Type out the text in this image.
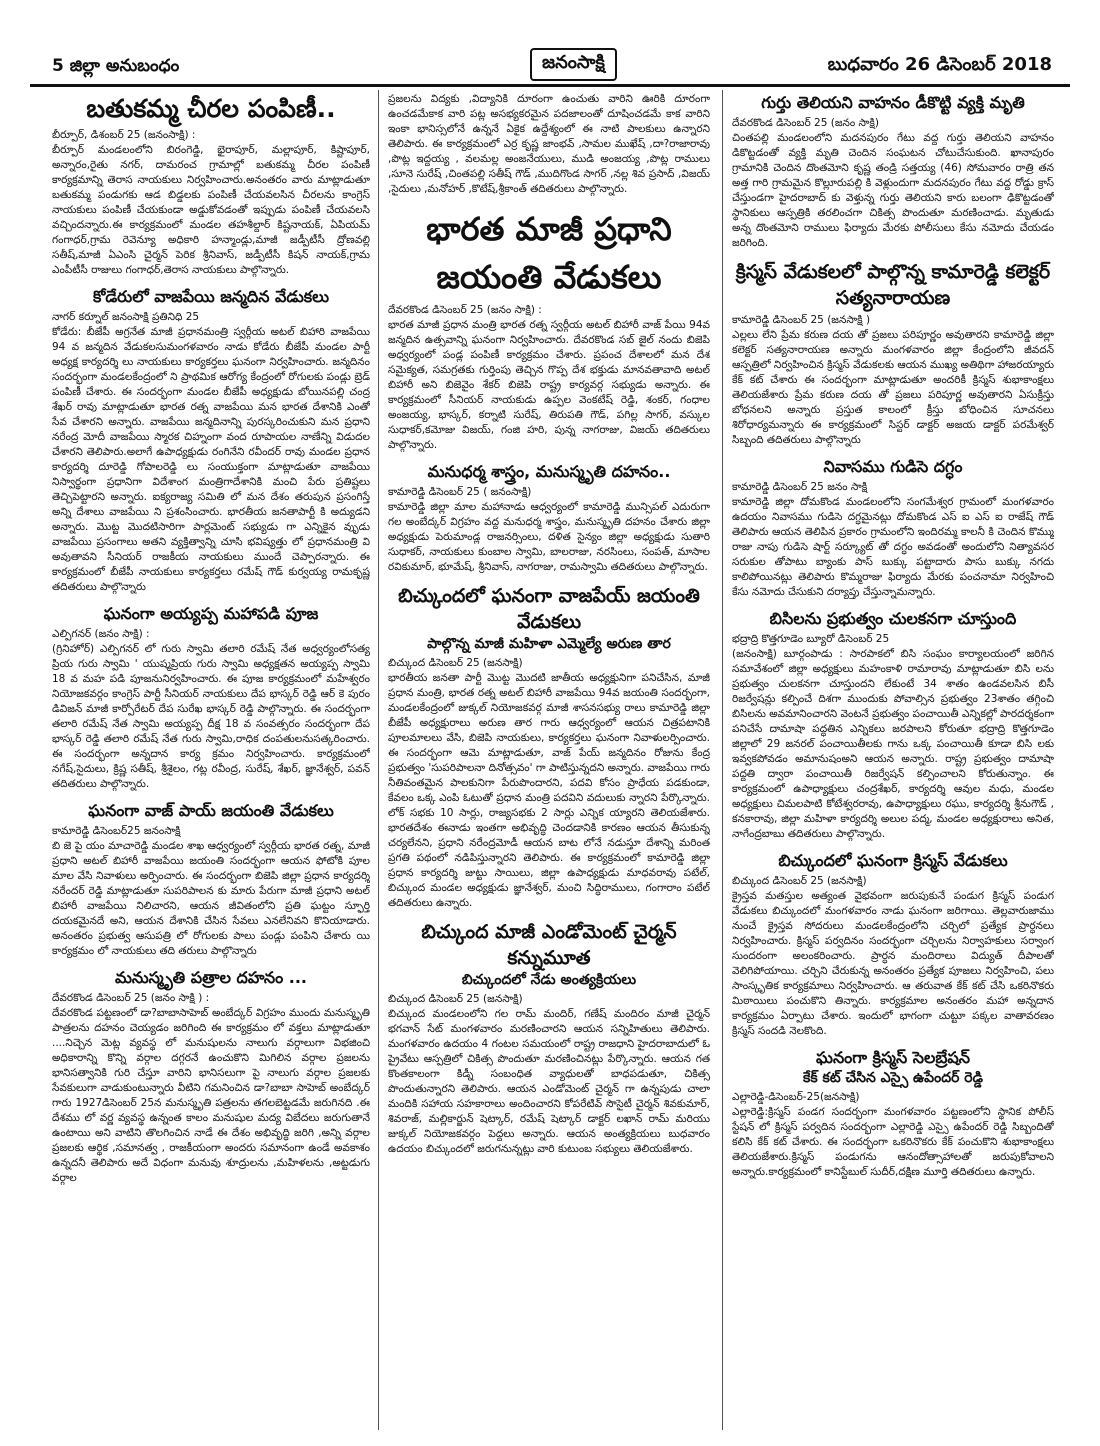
5 జిల్లా అనుబంధం	జనంసాక్షి	బుధవారం 26 డిసెంబర్ 2018
బతుకమ్మ చీరల పంపిణీ..
బీర్పూర్, డిశంబర్ 25 (జనంసాక్షి) :

బీర్పూర్ మండలంలోని బిరంగెడ్డి, భైరాపూర్, మల్లాపూర్, కిష్టాపూర్, అన్నారం,రైతు నగర్, దామరంచ గ్రామాల్లో బతుకమ్మ చీరల పంపిణీ కార్యక్రమాన్ని తెరాస నాయకులు నిర్వహించారు.అనంతరం వారు మాట్లాడుతూ బతుకమ్మ పండుగకు ఆడ బిడ్డలకు పంపిణీ చేయవలసిన చీరలను కాంగ్రెస్ నాయకులు పంపిణీ చేయకుండా అడ్డుకోవడంతో ఇప్పుడు పంపిణీ చేయవలసి వచ్చిందన్నారు.ఈ కార్యక్రమంలో మండల తహశీల్దార్ కిష్టనాయక్, ఏపియమ్ గంగాధర్,గ్రామ రెవెన్యూ అధికారి హన్మాండ్లు,మాజీ జడ్పీటీసీ ద్రోణవల్లి సతీష్,మాజీ ఏఎంసి చైర్మన్ పెరిక శ్రీనివాస్, జడ్పీటీసీ కిషన్ నాయక్,గ్రామ ఎంపీటీసీ రాజులు గంగాధర్,తెరాస నాయకులు పాల్గొన్నారు.

కోడేరులో వాజపేయి జన్మదిన వేడుకలు
నాగర్ కర్నూల్ జనంసాక్షి ప్రతినిధి 25

కోడేరు: బీజేపీ అగ్రనేత మాజీ ప్రధానమంత్రి స్వర్గీయ అటల్ బిహారి వాజపేయి 94 వ జన్మదిన వేడుకలసుమంగళవారం నాడు కోడేరు బీజేపీ మండల పార్టీ అధ్యక్ష కార్యదర్శి లు నాయకులు కార్యకర్తలు ఘనంగా నిర్వహించారు. జన్మదినం సందర్భంగా మండలకేంద్రంలో ని ప్రాథమిక ఆరోగ్య కేంద్రంలో రోగులకు పండ్లు బ్రెడ్ పంపిణీ చేశారు. ఈ సందర్భంగా మండల బీజేపీ అధ్యక్షుడు బోయినపల్లి చంద్ర శేఖర్ రావు మాట్లాడుతూ భారత రత్న వాజపేయి మన భారత దేశానికి ఎంతో సేవ చేశారని అన్నారు. వాజపేయి జన్మదినాన్ని పురస్కరించుకుని మన ప్రధాని నరేంద్ర మోదీ వాజపేయి స్మారక చిహ్నంగా వంద రూపాయల నాణేన్ని విడుదల చేశారని తెలిపారు.అలాగే ఉపాధ్యక్షుడు రంగినేని రవీందర్ రావు మండల ప్రధాన కార్యదర్శి దూరెడ్డి గోపాలరెడ్డి లు సంయుక్తంగా మాట్లాడుతూ వాజపేయి నిస్వార్థంగా ప్రధానిగా విదేశాంగ మంత్రిగాదేశానికి మంచి పేరు ప్రతిష్టలు తెచ్చిపెట్టారని అన్నారు. ఐక్యరాజ్య సమితి లో మన దేశం తరుపున ప్రసంగిస్తే అన్ని దేశాలు వాజపేయి ని ప్రశంసించారు. భారతీయ జనతాపార్టీ కి అద్యుడని అన్నారు. మొట్ట మొదటిసారిగా పార్లమెంట్ సభ్యుడు గా ఎన్నికైన వృుడు వాజపేయి ప్రసంగాలు అతని వ్యక్తిత్వాన్ని చూసి భవిష్యత్తు లో ప్రధానమంత్రి వి అవుతావని సీనియర్ రాజకీయ నాయకులు ముందే చెప్పారన్నారు. ఈ కార్యక్రమంలో బీజేపీ నాయకులు కార్యకర్తలు రమేష్ గౌడ్ కుర్వయ్య రామకృష్ణ తదితరులు పాల్గొన్నారు

ఘనంగా అయ్యప్ప మహాపడి పూజ
ఎల్పిగనర్ (జనం సాక్షి) :

(గ్రినిహోర్) ఎల్పిగనర్ లో గురు స్వామి తలారి రమేష్ నేత అధ్వర్యంలోసత్య ప్రియ గురు స్వామి ' యుష్మప్రియ గురు స్వామి అధ్యక్షతన అయ్యప్ప స్వామి 18 వ మహ పడి పూజనునిర్వహించారు. ఈ పూజ కార్యక్రమంలో మహేశ్వరం నియోజకవర్గం కాంగ్రెస్ పార్టీ సీనియర్ నాయకులు దేప భాస్కర్ రెడ్డి ఆర్ కె పురం డివిజన్ మాజీ కార్పోరేటర్ దేప సురేఖ భాస్కర్ రెడ్డి పాల్గొన్నారు. ఈ సందర్భంగా తలారి రమేష్ నేత స్వామి అయ్యప్ప దీక్ష 18 వ సంవత్సరం సందర్భంగా దేప భాస్కర్ రెడ్డి తలారి రమేష్ నేత గురు స్వామి,రాధిక దంపతులనుసత్కరించారు. ఈ సందర్భంగా అన్నదాన కార్య క్రమం నిర్వహించారు. కార్యక్రమంలో నగేష్,సైదులు, క్రిష్ణ సతీష్, శ్రీశైలం, గట్ల రవీంద్ర, సురేష్, శేఖర్, జ్ఞానేశ్వర్, పవన్ తదితరులు పాల్గొన్నారు.

ఘనంగా వాజ్ పాయ్ జయంతి వేడుకలు
కామారెడ్డి డిసెంబర్25 జనంసాక్షి

బి జె పై యం మాచారెడ్డి మండల శాఖ ఆధ్వర్యంలో స్వర్గీయ భారత రత్న, మాజీ ప్రధాని అటల్ బిహారీ వాజపేయి జయంతి సందర్భంగా ఆయన ఫోటోకి పూల మాల వేసి నివాళులు అర్పించారు. ఈ సందర్భంగా బిజెపి జిల్లా ప్రధాన కార్యదర్శి నరేందర్ రెడ్డి మాట్లాడుతూ సుపరిపాలన కు మారు పేరుగా మాజీ ప్రధాని అటల్ బిహారీ వాజపేయి నిలిచారని, ఆయన జీవితంలోని ప్రతి ఘట్టం స్ఫూర్తి దయకమైనదే అని, ఆయన దేశానికి చేసిన సేవలు ఎనలేనివని కొనియాడారు. అనంతరం ప్రభుత్వ ఆసుపత్రి లో రోగులకు పాలు పండ్లు పంపిని చేశారు యి కార్యక్రమం లో నాయకులు తది తరులు పాల్గొన్నారు

మనుస్మృతి పత్రాల దహనం ...
దేవరకొండ డిసెంబర్ 25 (జనం సాక్షి ) :

దేవరకొండ పట్టణంలో డా?బాబాసాహెబ్ అంబేద్కర్ విగ్రహం ముందు మనుస్మృతి పాత్రలను దహనం చెయ్యడం జరిగింది ఈ కార్యక్రమం లో వక్తలు మాట్లాడుతూ ....నిచ్చెన మెట్ల వ్యవస్థ లో మనుషులను నాలుగు వర్గాలుగా విభజించి అధికారాన్ని కొన్ని వర్గాల దగ్గరనే ఉంచుకొని మిగిలిన వర్గాల ప్రజలను భానిసత్వానికి గురి చేస్తూ వారిని భానిసలుగా పై నాలుగు వర్గాల ప్రజలకు సేవకులుగా వాడుకుంటున్నారు వీటిని గమనించిన డా?బాబా సాహెబ్ అంబేద్కర్ గారు 1927డిసెంబర్ 25న మనుస్మృతి పత్రలను తగలబెట్టడమే జరుగినది .ఈ దేశము లో వర్ణ వ్యవస్థ ఉన్నంత కాలం మనుషుల మద్య విబేదలు జరుగుతానే ఉంటాయి అని వాటిని తొలగించిన నాడే ఈ దేశం అభివృద్ధి జరిగి ,అన్ని వర్గాల ప్రజలకు ఆర్థిక ,సమానత్వ , రాజకీయంగా అందరు సమానంగా ఉండే అవకాశం ఉన్నదనీ తెలిపారు అదే విధంగా మనువు శూద్రులను ,మహిళలను ,అట్టడుగు వర్గాల

ప్రజలను విద్యకు ,విద్యానికి దూరంగా ఉంచుతు వారిని ఊరికి దూరంగా ఉంచడమేకాక వారి పట్ల అసభ్యకరమైన పదజాలంతో దూషించడమే కాక వారిని ఇంకా భానిస్సలోనే ఉన్ననే ఏకైక ఉద్దేశ్యంలో ఈ నాటి పాలకులు ఉన్నారని తెలిపారు. ఈ కార్యక్రమంలో ఎర్ర కృష్ణ జాంభవ్ ,సామల ముఖేష్ ,దా?రాజారావు ,పొట్ల ఇద్దయ్య , వలమల్ల అంజనేయులు, ముడి అంజయ్య ,పొట్ల రాములు ,సూనె సురేష్ ,చింతపల్లి సతీష్ గౌడ్ ,ముదిగొండ సాగర్ ,నల్ల శివ ప్రసాద్ ,విజయ్ ,సైదులు ,మనోహర్ ,కొటేష్,శ్రీకాంత్ తదితరులు పాల్గొన్నారు.

భారత మాజీ ప్రధాని జయంతి వేడుకలు
దేవరకొండ డిసెంబర్ 25 (జనం సాక్షి) :

భారత మాజీ ప్రధాన మంత్రి భారత రత్న స్వర్గీయ అటల్ బిహారీ వాజ్ పేయి 94వ జన్మదిన ఉత్సవాన్ని ఘనంగా నిర్వహించారు. దేవరకొండ సబ్ జైల్ నందు బిజెపి అధ్వర్యంలో పండ్ల పంపిణీ కార్యక్రమం చేశారు. ప్రపంచ దేశాలలో మన దేశ సమైక్యత, సమగ్రతకు గుర్తింపు తెచ్చిన గొప్ప దేశ భక్తుడు మానవతావాది అటల్ బిహారీ అని బిజెవైం శేకర్ బిజెపి రాష్ట్ర కార్యవర్గ సభ్యుడు అన్నారు. ఈ కార్యక్రమంలో సీనియర్ నాయకుడు ఉప్పల వెంకటేష్ రెడ్డి, శంకర్, గంధాల అంజయ్య, భాస్కర్, కర్నాటి సురేష్, తిరుపతి గౌడ్, పగిల్ల సాగర్, వస్కుల సుధాకర్,కమోజు విజయ్, గంజి హరి, పున్న నాగరాజు, విజయ్ తదితరులు పాల్గొన్నారు.

మనుధర్మ శాస్త్రం, మనుస్మృతి దహనం..
కామారెడ్డి డిసెంబర్ 25 ( జనంసాక్షి)

కామారెడ్డి జిల్లా మాల మహానాడు ఆధ్వర్యంలో కామారెడ్డి మున్సిపల్ ఎదురుగా గల అంబేద్కర్ విగ్రహం వద్ద మనుధర్మ శాస్త్రం, మనుస్మృతి దహనం చేశారు జిల్లా అధ్యక్షుడు పెరుమాండ్ల రాజనర్సింలు, దళిత సైన్యం జిల్లా అధ్యక్షుడు సుతారి సుధాకర్, నాయకులు కుంబాల స్వామి, బాలరాజు, నరసింలు, సంపత్, మాసాల రవికుమార్, భూమేష్, శ్రీనివాస్, నాగరాజు, రామస్వామి తదితరులు పాల్గొన్నారు.

బిచ్కుందలో ఘనంగా వాజపేయ్ జయంతి వేడుకలు
పాల్గొన్న మాజీ మహిళా ఎమ్మెల్యే అరుణ తార
బిచ్కుంద డిసెంబర్ 25 (జనసాక్షి)

భారతీయ జనతా పార్టీ మొట్ట మొదటి జాతీయ అధ్యక్షునిగా పనిచేసిన, మాజీ ప్రధాన మంత్రి, భారత రత్న అటల్ బిహారీ వాజపేయి 94వ జయంతి సందర్భంగా, మండలకేంద్రంలో జుక్కల్ నియోజకవర్గ మాజీ శాసనసభ్యు రాలు కామారెడ్డి జిల్లా బీజేపీ అధ్యక్షురాలు అరుణ తార గారు ఆధ్వర్యంలో ఆయన చిత్రపటానికి పూలమాలలు వేసి, బిజెపి నాయకులు, కార్యకర్తలు ఘనంగా నివాళులర్పించారు. ఈ సందర్భంగా ఆమె మాట్లాడుతూ, వాజ్ పేయ్ జన్మదినం రోజును కేంద్ర ప్రభుత్వం 'సుపరిపాలనా దినోత్సవం' గా పాటిస్తున్నదని అన్నారు. వాజపేయి గారు నీతివంతమైన పాలకునిగా పేరుపొందారని, పదవి కోసం ప్రాధేయ పడకుండా, కేవలం ఒక్క ఎంపి ఓటుతో ప్రధాన మంత్రి పదవిని వదులుకు న్నారని పేర్కొన్నారు. లోక్ సభకు 10 సార్లు, రాజ్యసభకు 2 సార్లు ఎన్నిక య్యారని తెలియజేశారు. భారతదేశం ఈనాడు ఇంతగా అభివృద్ధి చెందడానికి కారణం ఆయన తీసుకున్న చర్యలేనని, ప్రధాని నరేంద్రమోడీ ఆయన బాట లోనే నడుస్తూ దేశాన్ని మరింత ప్రగతి పథంలో నడిపిస్తున్నారని తెలిపారు. ఈ కార్యక్రమంలో కామారెడ్డి జిల్లా ప్రధాన కార్యదర్శి జుట్టు సాయిలు, జిల్లా ఉపాధ్యక్షుడు మాధవరావు పటేల్, బిచ్కుంద మండల అధ్యక్షుడు జ్ఞానేశ్వర్, మంచి సిద్ధిరాములు, గంగారాం పటేల్ తదితరులు ఉన్నారు.

బిచ్కుంద మాజీ ఎండోమెంట్ చైర్మన్ కన్నుమూత
బిచ్కుందలో నేడు అంత్యక్రియలు
బిచ్కుంద డిసెంబర్ 25 (జనసాక్షి)

బిచ్కుంద మండలంలోని గల రామ్ మందిర్, గణేష్ మందిరం మాజీ చైర్మన్ భగవాన్ సేట్ మంగళవారం మరణించారని ఆయన సన్నిహితులు తెలిపారు. మంగళవారం ఉదయం 4 గంటల సమయంలో రాష్ట్ర రాజధాని హైదరాబాదులో ఓ ప్రైవేటు ఆస్పత్రిలో చికిత్స పొందుతూ మరణించినట్లు పేర్కొన్నారు. ఆయన గత కొంతకాలంగా కిడ్నీ సంబంధిత వ్యాధులతో బాధపడుతూ, చికిత్స పొందుతున్నారని తెలిపారు. ఆయన ఎండోమెంట్ చైర్మన్ గా ఉన్నపుడు చాలా మందికి సహాయ సహకారాలు అందించారని కోపరేటివ్ సొసైటీ చైర్మన్ శివకుమార్, శివరాజ్, మల్లికార్జున్ షెట్కార్, రమేష్ షెట్కార్ డాక్టర్ లఖాన్ రామ్ మరియు జుక్కల్ నియోజకవర్గం పెద్దలు అన్నారు. ఆయన అంత్యక్రియలు బుధవారం ఉదయం బిచ్కుందలో జరుగనున్నట్లు వారి కుటుంబ సభ్యులు తెలియజేశారు.

గుర్తు తెలియని వాహనం డీకొట్టి వ్యక్తి మృతి
దేవరకొండ డిసెంబర్ 25 (జనం సాక్షి)

చింతపల్లి మండలంలోని మదనపురం గేటు వద్ద గుర్తు తెలియని వాహనం డికొట్టడంతో వ్యక్తి మృతి చెందిన సంఘటన చోటుచేసుకుంది. ఖానాపురం గ్రామానికి చెందిన దొంతమోని కృష్ణ తండ్రి సత్తయ్య (46) సోమవారం రాత్రి తన అత్త గారి గ్రామమైన కొల్లూరుపల్లి కి వెళ్లుందుగా మదనపురం గేటు వద్ద రోడ్డు క్రాస్ చేస్తుండగా హైదరాబాద్ కు వెళ్తున్న గుర్తు తెలియని కారు బలంగా ఢికొట్టడంతో స్థానికులు ఆస్పత్రికి తరలించగా చికిత్స పొందుతూ మరణించాడు. మృతుడు అన్న దొంతమోని రాములు ఫిర్యాదు మేరకు పోలీసులు కేసు నమోదు చేయడం జరిగింది.

క్రిస్మస్ వేడుకలలో పాల్గొన్న కామారెడ్డి కలెక్టర్ సత్యనారాయణ
కామారెడ్డి డిసెంబర్ 25 (జనసాక్షి )

ఎల్లలు లేని ప్రేమ కరుణ దయ తో ప్రజలు పరిపూర్ణం అవుతారని కామారెడ్డి జిల్లా కలెక్టర్ సత్యనారాయణ అన్నారు మంగళవారం జిల్లా కేంద్రంలోని జీవదన్ ఆస్పత్రిలో నిర్వహించిన క్రిస్మస్ వేడుకలకు ఆయన ముఖ్య అతిథిగా హాజరయ్యారు కేక్ కట్ చేశారు ఈ సందర్భంగా మాట్లాడుతూ అందరికీ క్రిస్మస్ శుభాకాంక్షలు తెలియజేశారు ప్రేమ కరుణ దయ తో ప్రజలు పరిపూర్ణ అవుతారని ఏసుక్రీస్తు బోధనలని అన్నారు ప్రస్తుత కాలంలో క్రీస్తు బోధించిన సూచనలు శిరోధార్యమన్నారు ఈ కార్యక్రమంలో సిస్టర్ డాక్టర్ అజయ డాక్టర్ పరమేశ్వర్ సిబ్బంది తదితరులు పాల్గొన్నారు

నివాసము గుడిసె దగ్ధం
కామారెడ్డి డిసెంబర్ 25 జనం సాక్షి

కామారెడ్డి జిల్లా దోమకొండ మండలంలోని సంగమేశ్వర గ్రామంలో మంగళవారం ఉదయం నివాసము గుడిసె దగ్ధమైనట్లు దోమకొండ ఎస్ ఐ ఎస్ ఐ రాజేష్ గౌడ్ తెలిపారు ఆయన తెలిపిన ప్రకారం గ్రామంలోని ఇందిరమ్మ కాలనీ కి చెందిన కొమ్ము రాజు నాపు గుడిసె షార్ట్ సర్క్యూట్ తో దగ్ధం అవడంతో అందులోని నిత్యావసర సరుకుల తోపాటు బ్యాంకు పాస్ బుక్కు పట్టాదారు పాసు బుక్కు నగదు కాలిపోయినట్లు తెలిపారు కొమ్మరాజు ఫిర్యాదు మేరకు పంచనామా నిర్వహించి కేసు నమోదు చేసుకుని దర్యాప్తు చేస్తున్నామన్నారు.

బిసిలను ప్రభుత్వం చులకనగా చూస్తుంది
భద్రాద్రి కొత్తగూడెం బ్యూరో డిసెంబర్ 25

(జనంసాక్షి) బూర్గంపాడు : సారపాకలో బిసి సంఘం కార్యాలయంలో జరిగిన సమావేశంలో జిల్లా అధ్యక్షులు మహంకాళి రామారావు మాట్లాడుతూ బిసి లను ప్రభుత్వం చులకనగా చూస్తుందని లేకుంటే 34 శాతం ఉండవలసిన బిసీ రిజర్వేషన్లు కల్పించే దిశగా ముందుకు పోవాల్సిన ప్రభుత్వం 23శాతం తగ్గించి బిసిలను అవమానించారని వెంటనే ప్రభుత్వం పంచాయితీ ఎన్నికల్లో పారదర్శకంగా పనిచేసే దామాషా పద్ధతిన ఎన్నికలు జరపాలని కోరుతూ భద్రాద్రి కొత్తగూడెం జిల్లాలో 29 జనరల్ పంచాయితీలకు గాను ఒక్క పంచాయితీ కూడా బిసి లకు ఇవ్వకపోవడం అమానుషంఅని ఆయన అన్నారు. రాష్ట్ర ప్రభుత్వం దామాషా పద్దతి ద్వారా పంచాయితీ రిజర్వేషన్ కల్పించాలని కోరుతున్నాం. ఈ కార్యక్రమంలో ఉపాధ్యాక్షులు చంద్రశేఖర్, కార్యదర్శి ఆవుల మధు, మండల అధ్యక్షులు చిమలపాటి కోటేశ్వరరావు, ఉపాధ్యాక్షులు రఘు, కార్యదర్శి శ్రీనుగౌడ్ , కనకారావు, జిల్లా మహిళా కార్యదర్శి అలుల పద్మ, మండల అధ్యక్షురాలు అనిత, నాగేంద్రబాబు తదితరులు పాల్గొన్నారు.

బిచ్కుందలో ఘనంగా క్రిస్మస్ వేడుకలు
బిచ్కుంద డిసెంబర్ 25 (జనసాక్షి)

క్రైస్తవ మతస్తుల అత్యంత వైభవంగా జరుపుకునే పండుగ క్రిస్మస్ పండుగ వేడుకలు బిచ్కుందలో మంగళవారం నాడు ఘనంగా జరిగాయి. తెల్లవారుజాము నుంచే క్రైస్తవ సోదరులు మండలకేంద్రంలోని చర్చిలో ప్రత్యేక ప్రార్ధనలు నిర్వహించారు. క్రిస్మస్ పర్వదినం సందర్భంగా చర్చిలను నిర్వాహకులు సర్వాంగ సుందరంగా అలంకరించారు. ప్రార్ధన మందిరాలు విద్యుత్ దీపాలతో వెలిగిపోయాయి. చర్చిని చేరుకున్న అనంతరం ప్రత్యేక పూజలు నిర్వహించి, పలు సాంస్కృతిక కార్యక్రమాలు నిర్వహించారు. ఆ తరువాత కేక్ కట్ చేసి ఒకరినొకరు మిఠాయిలు పంచుకొని తిన్నారు. కార్యక్రమాల అనంతరం మహా అన్నదాన కార్యక్రమం ఏర్పాటు చేశారు. ఇందులో భాగంగా చుట్టూ పక్కల వాతావరణం క్రిస్మస్ సందడి నెలకొంది.

ఘనంగా క్రిస్మస్ సెలబ్రేషన్
కేక్ కట్ చేసిన ఎస్సై ఉపేందర్ రెడ్డి
ఎల్లారెడ్డి-డిసెంబర్-25(జనసాక్షి)

ఎల్లారెడ్డి:క్రిస్మస్ పండగ సందర్భంగా మంగళవారం పట్టణంలోని స్థానిక పోలీస్ స్టేషన్ లో క్రిస్మస్ పర్వదిన సందర్భంగా ఎల్లారెడ్డి ఎస్సై ఉపేందర్ రెడ్డి సిబ్బందితో కలిసి కేక్ కట్ చేశారు. ఈ సందర్భంగా ఒకరినొకరు కేక్ పంచుకొని శుభాకాంక్షలు తెలియజేశారు.క్రిస్మస్ పండుగను ఆనందోత్సాహాలతో జరుపుకోవాలని అన్నారు.కార్యక్రమంలో కానిస్టేబుల్ సుదీర్,దక్షిణ మూర్తి తదితరులు ఉన్నారు.
